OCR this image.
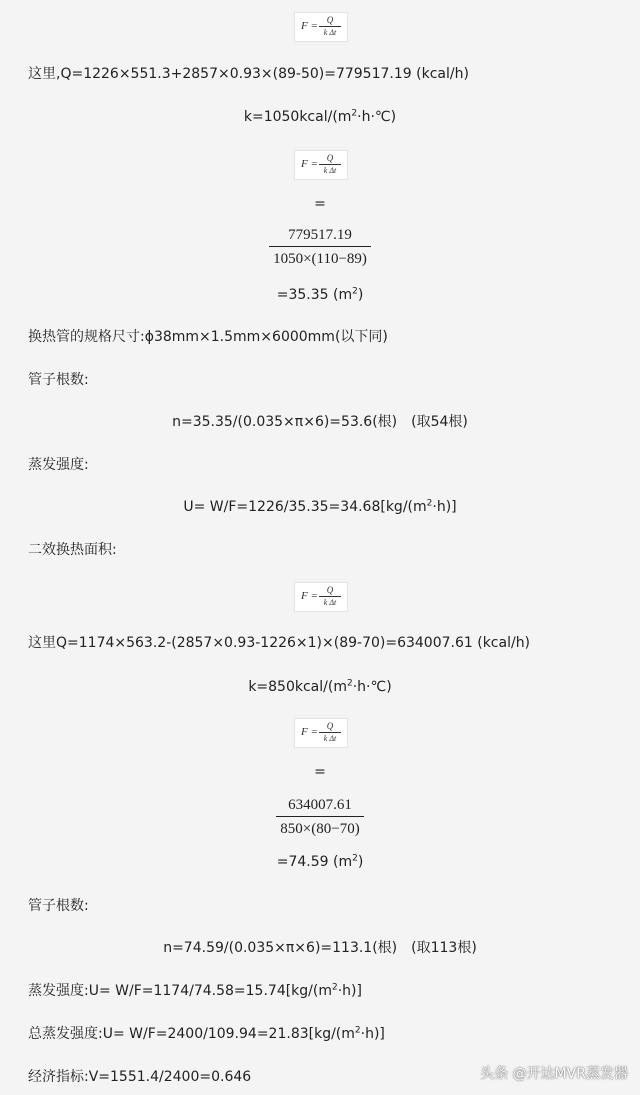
F = Q
k Δt
这里,Q=1226×551.3+2857×0.93×(89-50)=779517.19 (kcal/h)
$k=1050kcal/(m^2\cdot h\cdot℃)$
F = Q
k Δt
=
$\frac{779517.19}{1050\times(110-89)}$
=35.35 $(m^2)$
换热管的规格尺寸:ϕ38mm×1.5mm×6000mm(以下同)
管子根数:
n=35.35/(0.035×π×6)=53.6(根)　(取54根)
蒸发强度:
$U= W/F=1226/35.35=34.68[kg/(m^2\cdot h)]$
二效换热面积:
F = Q
k Δt
这里Q=1174×563.2-(2857×0.93-1226×1)×(89-70)=634007.61 (kcal/h)
$k=850kcal/(m^2\cdot h\cdot℃)$
F = Q
k Δt
=
$\frac{634007.61}{850\times(80-70)}$
=74.59 $(m^2)$
管子根数:
n=74.59/(0.035×π×6)=113.1(根)　(取113根)
蒸发强度:U= $W/F=1174/74.58=15.74[kg/(m^2\cdot h)]$
总蒸发强度:U= $W/F=2400/109.94=21.83[kg/(m^2\cdot h)]$
经济指标:V=1551.4/2400=0.646	头条 @开达MVR蒸发器
